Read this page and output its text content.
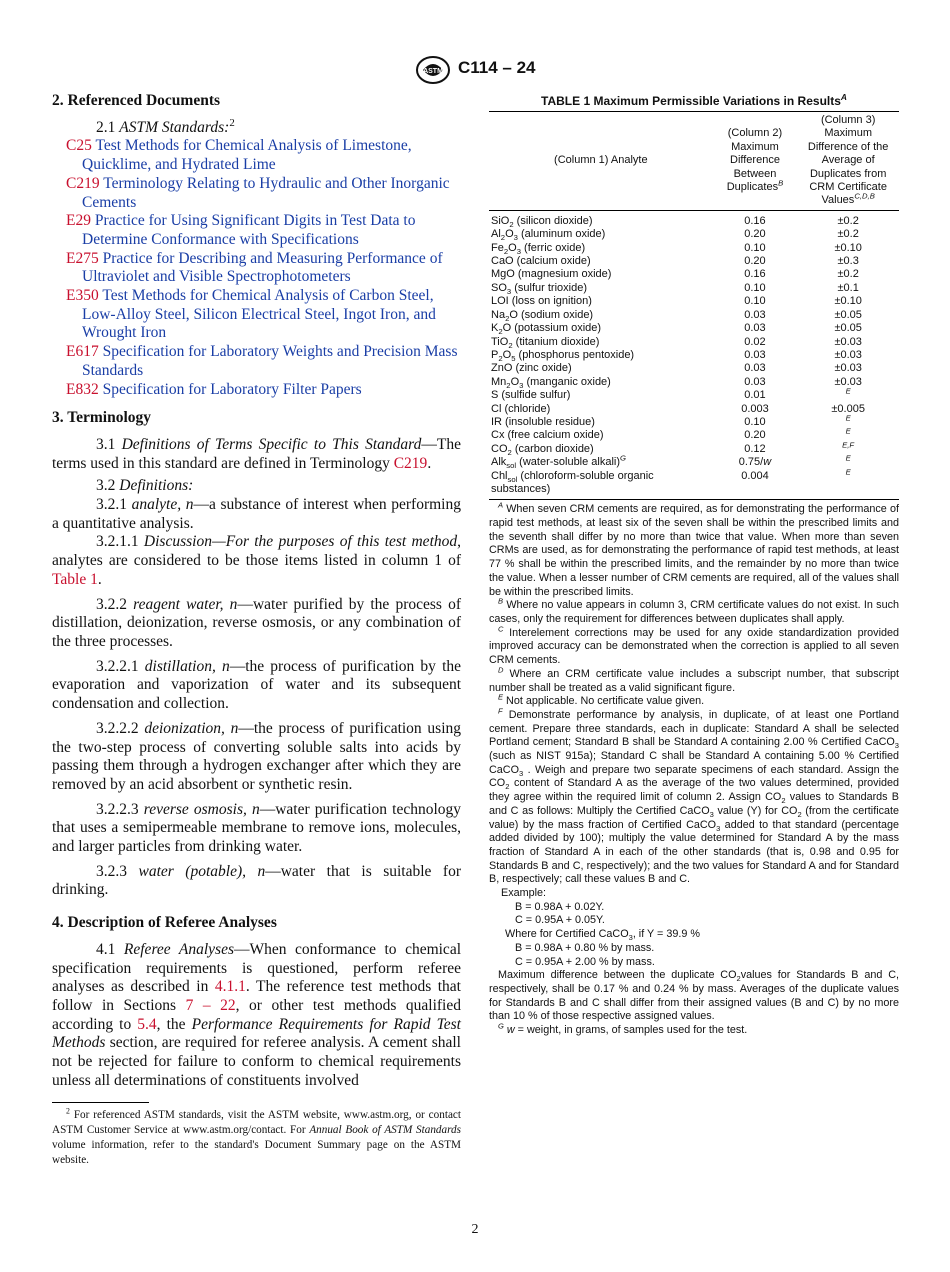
ASTM C114 – 24
2. Referenced Documents

2.1 ASTM Standards:$^2$

C25 Test Methods for Chemical Analysis of Limestone, Quicklime, and Hydrated Lime

C219 Terminology Relating to Hydraulic and Other Inorganic Cements

E29 Practice for Using Significant Digits in Test Data to Determine Conformance with Specifications

E275 Practice for Describing and Measuring Performance of Ultraviolet and Visible Spectrophotometers

E350 Test Methods for Chemical Analysis of Carbon Steel, Low-Alloy Steel, Silicon Electrical Steel, Ingot Iron, and Wrought Iron

E617 Specification for Laboratory Weights and Precision Mass Standards

E832 Specification for Laboratory Filter Papers

3. Terminology

3.1 Definitions of Terms Specific to This Standard—The terms used in this standard are defined in Terminology C219.

3.2 Definitions:

3.2.1 analyte, n—a substance of interest when performing a quantitative analysis.

3.2.1.1 Discussion—For the purposes of this test method, analytes are considered to be those items listed in column 1 of Table 1.

3.2.2 reagent water, n—water purified by the process of distillation, deionization, reverse osmosis, or any combination of the three processes.

3.2.2.1 distillation, n—the process of purification by the evaporation and vaporization of water and its subsequent condensation and collection.

3.2.2.2 deionization, n—the process of purification using the two-step process of converting soluble salts into acids by passing them through a hydrogen exchanger after which they are removed by an acid absorbent or synthetic resin.

3.2.2.3 reverse osmosis, n—water purification technology that uses a semipermeable membrane to remove ions, molecules, and larger particles from drinking water.

3.2.3 water (potable), n—water that is suitable for drinking.

4. Description of Referee Analyses

4.1 Referee Analyses—When conformance to chemical specification requirements is questioned, perform referee analyses as described in 4.1.1. The reference test methods that follow in Sections 7 – 22, or other test methods qualified according to 5.4, the Performance Requirements for Rapid Test Methods section, are required for referee analysis. A cement shall not be rejected for failure to conform to chemical requirements unless all determinations of constituents involved

$^2$ For referenced ASTM standards, visit the ASTM website, www.astm.org, or contact ASTM Customer Service at www.astm.org/contact. For Annual Book of ASTM Standards volume information, refer to the standard's Document Summary page on the ASTM website.
2
TABLE 1 Maximum Permissible Variations in Results$^A$
(Column 1) Analyte	(Column 2) Maximum Difference Between Duplicates$^B$	(Column 3) Maximum Difference of the Average of Duplicates from CRM Certificate Values$^{C,D,B}$
SiO$_2$ (silicon dioxide)	0.16	±0.2
$Al_2O_3$ (aluminum oxide)	0.20	±0.2
$Fe_2O_3$ (ferric oxide)	0.10	±0.10
CaO (calcium oxide)	0.20	±0.3
MgO (magnesium oxide)	0.16	±0.2
$SO_3$ (sulfur trioxide)	0.10	±0.1
LOI (loss on ignition)	0.10	±0.10
$Na_2O$ (sodium oxide)	0.03	±0.05
$K_2O$ (potassium oxide)	0.03	±0.05
TiO$_2$ (titanium dioxide)	0.02	±0.03
$P_2O_5$ (phosphorus pentoxide)	0.03	±0.03
ZnO (zinc oxide)	0.03	±0.03
$Mn_2O_3$ (manganic oxide)	0.03	±0.03
S (sulfide sulfur)	0.01	$^E$
Cl (chloride)	0.003	±0.005
IR (insoluble residue)	0.10	$^E$
Cx (free calcium oxide)	0.20	$^E$
$CO_2$ (carbon dioxide)	0.12	$^{E,F}$
Alk$_{sol}$ (water-soluble alkali)$^G$	0.75/w	$^E$
Chl$_{sol}$ (chloroform-soluble organic substances)	0.004	$^E$

$^A$ When seven CRM cements are required, as for demonstrating the performance of rapid test methods, at least six of the seven shall be within the prescribed limits and the seventh shall differ by no more than twice that value. When more than seven CRMs are used, as for demonstrating the performance of rapid test methods, at least 77 % shall be within the prescribed limits, and the remainder by no more than twice the value. When a lesser number of CRM cements are required, all of the values shall be within the prescribed limits.

$^B$ Where no value appears in column 3, CRM certificate values do not exist. In such cases, only the requirement for differences between duplicates shall apply.

$^C$ Interelement corrections may be used for any oxide standardization provided improved accuracy can be demonstrated when the correction is applied to all seven CRM cements.

$^D$ Where an CRM certificate value includes a subscript number, that subscript number shall be treated as a valid significant figure.

$^E$ Not applicable. No certificate value given.

$^F$ Demonstrate performance by analysis, in duplicate, of at least one Portland cement. Prepare three standards, each in duplicate: Standard A shall be selected Portland cement; Standard B shall be Standard A containing 2.00 % Certified CaCO$_3$ (such as NIST 915a); Standard C shall be Standard A containing 5.00 % Certified CaCO$_3$ . Weigh and prepare two separate specimens of each standard. Assign the $CO_2$ content of Standard A as the average of the two values determined, provided they agree within the required limit of column 2. Assign $CO_2$ values to Standards B and C as follows: Multiply the Certified CaCO$_3$ value (Y) for $CO_2$ (from the certificate value) by the mass fraction of Certified CaCO$_3$ added to that standard (percentage added divided by 100); multiply the value determined for Standard A by the mass fraction of Standard A in each of the other standards (that is, 0.98 and 0.95 for Standards B and C, respectively); and the two values for Standard A and for Standard B, respectively; call these values B and C.

Example:

B = 0.98A + 0.02Y.

C = 0.95A + 0.05Y.

Where for Certified CaCO$_3$, if Y = 39.9 %

B = 0.98A + 0.80 % by mass.

C = 0.95A + 2.00 % by mass.

Maximum difference between the duplicate $CO_2values$ for Standards B and C, respectively, shall be 0.17 % and 0.24 % by mass. Averages of the duplicate values for Standards B and C shall differ from their assigned values (B and C) by no more than 10 % of those respective assigned values.

$^G$ w = weight, in grams, of samples used for the test.
